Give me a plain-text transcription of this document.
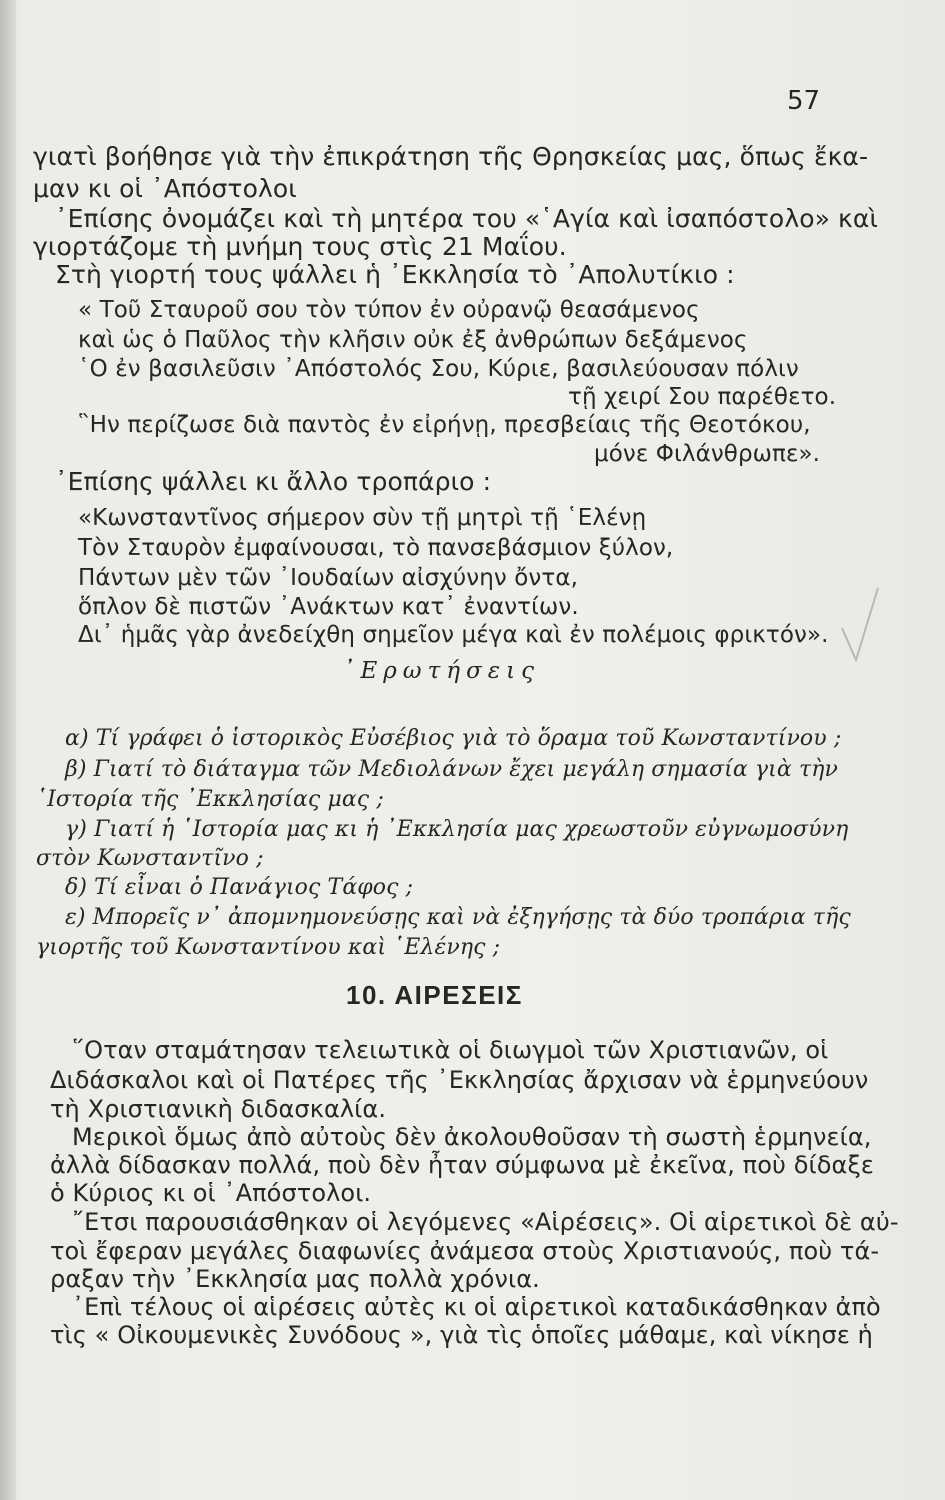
57
γιατὶ βοήθησε γιὰ τὴν ἐπικράτηση τῆς Θρησκείας μας, ὅπως ἔκα-
μαν κι οἱ ᾿Απόστολοι
᾿Επίσης ὀνομάζει καὶ τὴ μητέρα του «῾Αγία καὶ ἰσαπόστολο» καὶ
γιορτάζομε τὴ μνήμη τους στὶς 21 Μαΐου.
Στὴ γιορτή τους ψάλλει ἡ ᾿Εκκλησία τὸ ᾿Απολυτίκιο :
« Τοῦ Σταυροῦ σου τὸν τύπον ἐν οὐρανῷ θεασάμενος
καὶ ὡς ὁ Παῦλος τὴν κλῆσιν οὐκ ἐξ ἀνθρώπων δεξάμενος
῾Ο ἐν βασιλεῦσιν ᾿Απόστολός Σου, Κύριε, βασιλεύουσαν πόλιν
τῇ χειρί Σου παρέθετο.
῝Ην περίζωσε διὰ παντὸς ἐν εἰρήνῃ, πρεσβείαις τῆς Θεοτόκου,
μόνε Φιλάνθρωπε».
᾿Επίσης ψάλλει κι ἄλλο τροπάριο :
«Κωνσταντῖνος σήμερον σὺν τῇ μητρὶ τῇ ῾Ελένῃ
Τὸν Σταυρὸν ἐμφαίνουσαι, τὸ πανσεβάσμιον ξύλον,
Πάντων μὲν τῶν ᾿Ιουδαίων αἰσχύνην ὄντα,
ὅπλον δὲ πιστῶν ᾿Ανάκτων κατ᾿ ἐναντίων.
Δι᾿ ἡμᾶς γὰρ ἀνεδείχθη σημεῖον μέγα καὶ ἐν πολέμοις φρικτόν».
᾿Ερωτήσεις
α) Τί γράφει ὁ ἱστορικὸς Εὐσέβιος γιὰ τὸ ὅραμα τοῦ Κωνσταντίνου ;
β) Γιατί τὸ διάταγμα τῶν Μεδιολάνων ἔχει μεγάλη σημασία γιὰ τὴν
῾Ιστορία τῆς ᾿Εκκλησίας μας ;
γ) Γιατί ἡ ῾Ιστορία μας κι ἡ ᾿Εκκλησία μας χρεωστοῦν εὐγνωμοσύνη
στὸν Κωνσταντῖνο ;
δ) Τί εἶναι ὁ Πανάγιος Τάφος ;
ε) Μπορεῖς ν᾿ ἀπομνημονεύσῃς καὶ νὰ ἐξηγήσῃς τὰ δύο τροπάρια τῆς
γιορτῆς τοῦ Κωνσταντίνου καὶ ῾Ελένης ;
10. ΑΙΡΕΣΕΙΣ
῞Οταν σταμάτησαν τελειωτικὰ οἱ διωγμοὶ τῶν Χριστιανῶν, οἱ
Διδάσκαλοι καὶ οἱ Πατέρες τῆς ᾿Εκκλησίας ἄρχισαν νὰ ἑρμηνεύουν
τὴ Χριστιανικὴ διδασκαλία.
Μερικοὶ ὅμως ἀπὸ αὐτοὺς δὲν ἀκολουθοῦσαν τὴ σωστὴ ἑρμηνεία,
ἀλλὰ δίδασκαν πολλά, ποὺ δὲν ἦταν σύμφωνα μὲ ἐκεῖνα, ποὺ δίδαξε
ὁ Κύριος κι οἱ ᾿Απόστολοι.
῎Ετσι παρουσιάσθηκαν οἱ λεγόμενες «Αἱρέσεις». Οἱ αἱρετικοὶ δὲ αὐ-
τοὶ ἔφεραν μεγάλες διαφωνίες ἀνάμεσα στοὺς Χριστιανούς, ποὺ τά-
ραξαν τὴν ᾿Εκκλησία μας πολλὰ χρόνια.
᾿Επὶ τέλους οἱ αἱρέσεις αὐτὲς κι οἱ αἱρετικοὶ καταδικάσθηκαν ἀπὸ
τὶς « Οἰκουμενικὲς Συνόδους », γιὰ τὶς ὁποῖες μάθαμε, καὶ νίκησε ἡ
